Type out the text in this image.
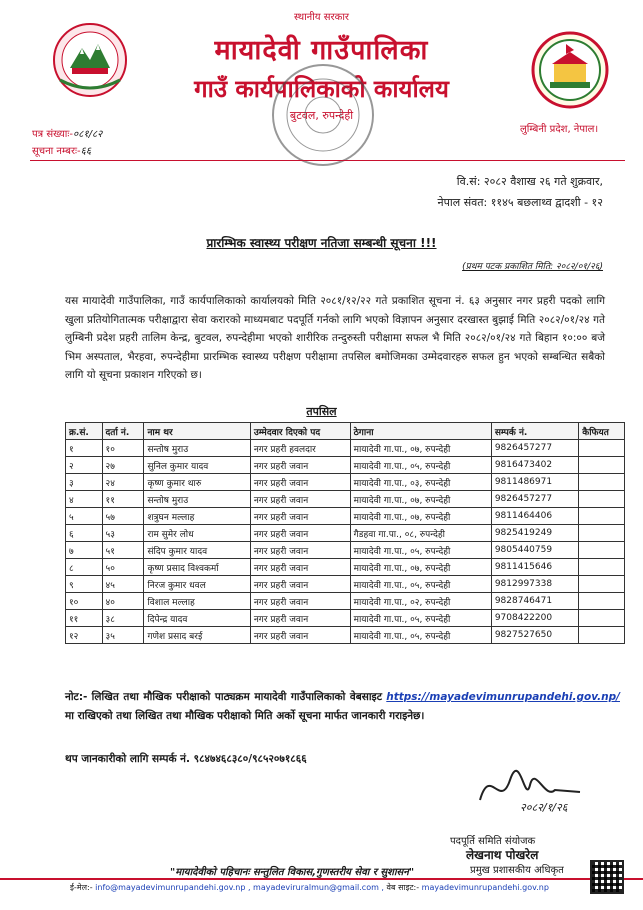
स्थानीय सरकार
मायादेवी गाउँपालिका
गाउँ कार्यपालिकाको कार्यालय
बुटवल, रुपन्देही
लुम्बिनी प्रदेश, नेपाल।
पत्र संख्याः-०८१/८२
सूचना नम्बरः-६६
वि.सं: २०८२ वैशाख २६ गते शुक्रवार,
नेपाल संवत: ११४५ बछलाथ्व द्वादशी - १२
प्रारम्भिक स्वास्थ्य परीक्षण नतिजा सम्बन्धी सूचना !!!
(प्रथम पटक प्रकाशित मिति: २०८२/०१/२६)
यस मायादेवी गाउँपालिका, गाउँ कार्यपालिकाको कार्यालयको मिति २०८१/१२/२२ गते प्रकाशित सूचना नं. ६३ अनुसार नगर प्रहरी पदको लागि खुला प्रतियोगितात्मक परीक्षाद्वारा सेवा करारको माध्यमबाट पदपूर्ति गर्नको लागि भएको विज्ञापन अनुसार दरखास्त बुझाई मिति २०८२/०१/२४ गते लुम्बिनी प्रदेश प्रहरी तालिम केन्द्र, बुटवल, रुपन्देहीमा भएको शारीरिक तन्दुरुस्ती परीक्षामा सफल भै मिति २०८२/०१/२४ गते बिहान १०:०० बजे भिम अस्पताल, भैरहवा, रुपन्देहीमा प्रारम्भिक स्वास्थ्य परीक्षण परीक्षामा तपसिल बमोजिमका उम्मेदवारहरु सफल हुन भएको सम्बन्धित सबैको लागि यो सूचना प्रकाशन गरिएको छ।
तपसिल
क्र.सं.	दर्ता नं.	नाम थर	उम्मेदवार दिएको पद	ठेगाना	सम्पर्क नं.	कैफियत
१	१०	सन्तोष मुराउ	नगर प्रहरी हवलदार	मायादेवी गा.पा., ०७, रुपन्देही	9826457277	
२	२७	सुनिल कुमार यादव	नगर प्रहरी जवान	मायादेवी गा.पा., ०५, रुपन्देही	9816473402	
३	२४	कृष्ण कुमार थारु	नगर प्रहरी जवान	मायादेवी गा.पा., ०३, रुपन्देही	9811486971	
४	११	सन्तोष मुराउ	नगर प्रहरी जवान	मायादेवी गा.पा., ०७, रुपन्देही	9826457277	
५	५७	शत्रुघन मल्लाह	नगर प्रहरी जवान	मायादेवी गा.पा., ०७, रुपन्देही	9811464406	
६	५३	राम सुमेर लोध	नगर प्रहरी जवान	गैडहवा गा.पा., ०८, रुपन्देही	9825419249	
७	५१	संदिप कुमार यादव	नगर प्रहरी जवान	मायादेवी गा.पा., ०५, रुपन्देही	9805440759	
८	५०	कृष्ण प्रसाद विश्वकर्मा	नगर प्रहरी जवान	मायादेवी गा.पा., ०७, रुपन्देही	9811415646	
९	४५	निरज कुमार धवल	नगर प्रहरी जवान	मायादेवी गा.पा., ०५, रुपन्देही	9812997338	
१०	४०	विशाल मल्लाह	नगर प्रहरी जवान	मायादेवी गा.पा., ०२, रुपन्देही	9828746471	
११	३८	दिपेन्द्र यादव	नगर प्रहरी जवान	मायादेवी गा.पा., ०५, रुपन्देही	9708422200	
१२	३५	गणेश प्रसाद बरई	नगर प्रहरी जवान	मायादेवी गा.पा., ०५, रुपन्देही	9827527650	
नोट:- लिखित तथा मौखिक परीक्षाको पाठ्यक्रम मायादेवी गाउँपालिकाको वेबसाइट https://mayadevimunrupandehi.gov.np/ मा राखिएको तथा लिखित तथा मौखिक परीक्षाको मिति अर्को सूचना मार्फत जानकारी गराइनेछ।
थप जानकारीको लागि सम्पर्क नं. ९८४७४६८३८०/९८५२०७१८६६
२०८२/१/२६
पदपूर्ति समिति संयोजक
लेखनाथ पोखरेल
"मायादेवीको पहिचानः सन्तुलित विकास,गुणस्तरीय सेवा र सुशासन"	प्रमुख प्रशासकीय अधिकृत
ई-मेल:- info@mayadevimunrupandehi.gov.np , mayadeviruralmun@gmail.com , वेब साइट:- mayadevimunrupandehi.gov.np
